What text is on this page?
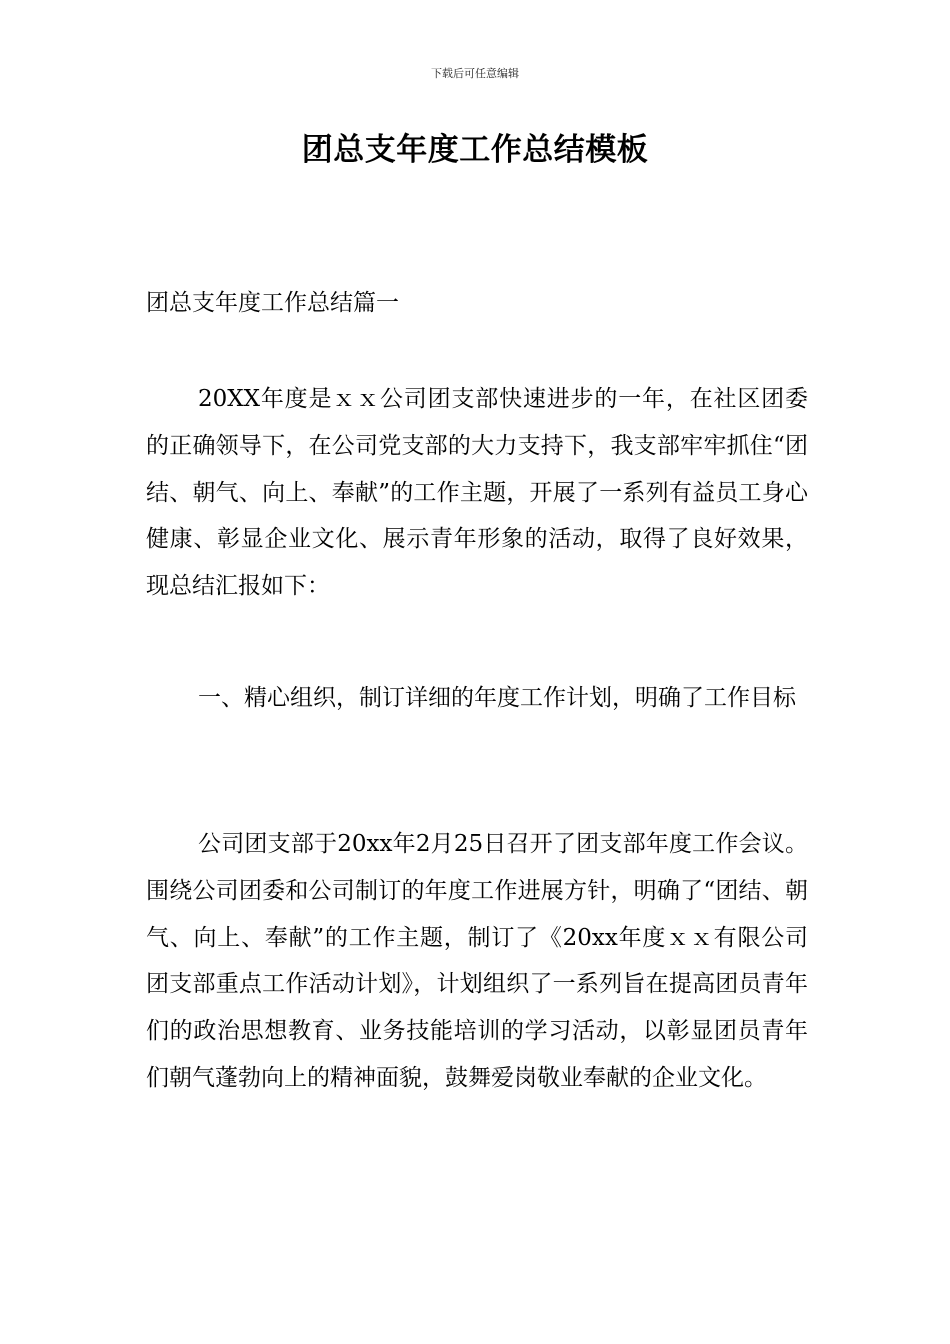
下载后可任意编辑
团总支年度工作总结模板
团总支年度工作总结篇一

20XX年度是ｘｘ公司团支部快速进步的一年，在社区团委的正确领导下，在公司党支部的大力支持下，我支部牢牢抓住“团结、朝气、向上、奉献”的工作主题，开展了一系列有益员工身心健康、彰显企业文化、展示青年形象的活动，取得了良好效果，现总结汇报如下：

一、精心组织，制订详细的年度工作计划，明确了工作目标

公司团支部于20xx年2月25日召开了团支部年度工作会议。围绕公司团委和公司制订的年度工作进展方针，明确了“团结、朝气、向上、奉献”的工作主题，制订了《20xx年度ｘｘ有限公司团支部重点工作活动计划》，计划组织了一系列旨在提高团员青年们的政治思想教育、业务技能培训的学习活动，以彰显团员青年们朝气蓬勃向上的精神面貌，鼓舞爱岗敬业奉献的企业文化。
